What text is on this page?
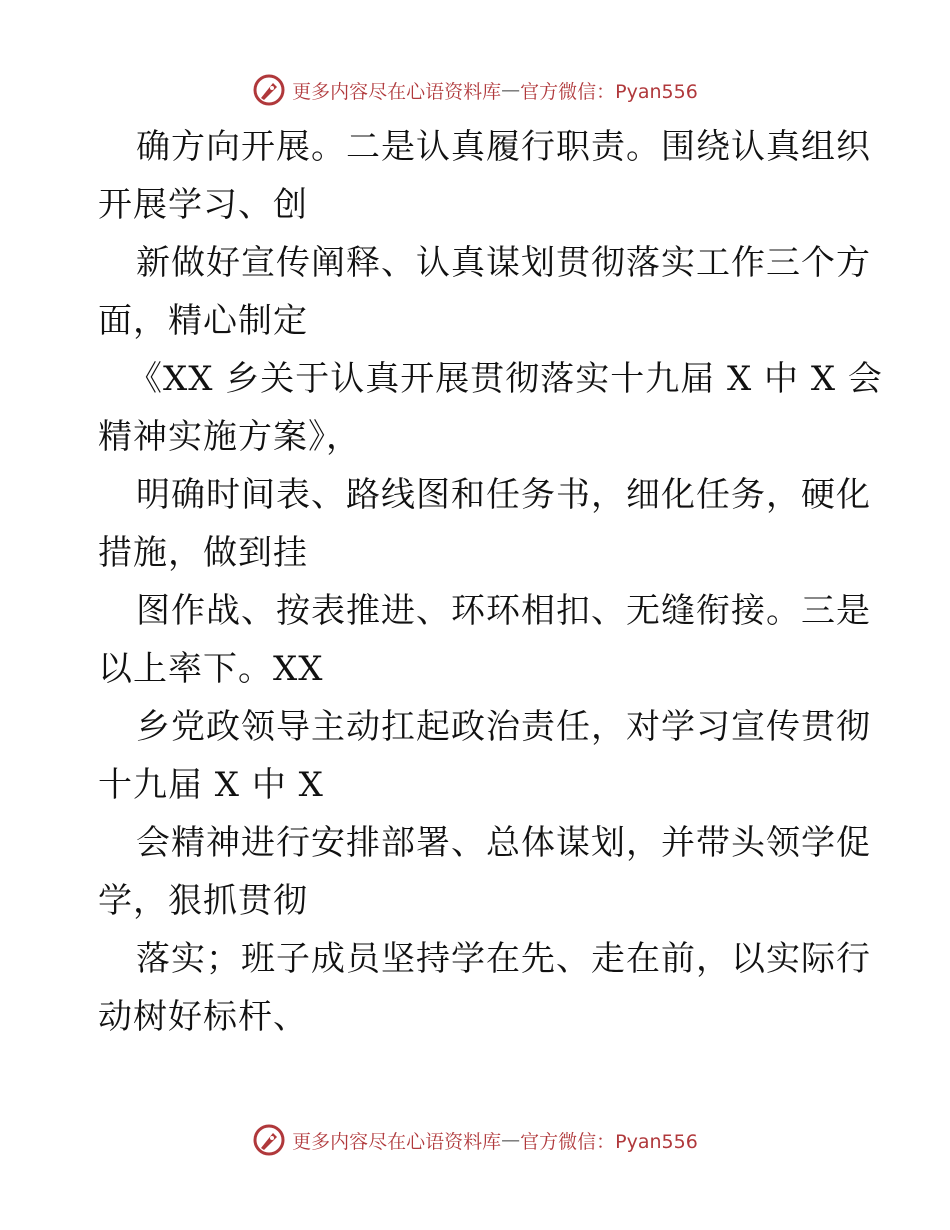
更多内容尽在心语资料库 — 官方微信：Pyan556
确方向开展。二是认真履行职责。围绕认真组织
开展学习、创
新做好宣传阐释、认真谋划贯彻落实工作三个方
面，精心制定
《XX 乡关于认真开展贯彻落实十九届 X 中 X 会
精神实施方案》，
明确时间表、路线图和任务书，细化任务，硬化
措施，做到挂
图作战、按表推进、环环相扣、无缝衔接。三是
以上率下。XX
乡党政领导主动扛起政治责任，对学习宣传贯彻
十九届 X 中 X
会精神进行安排部署、总体谋划，并带头领学促
学，狠抓贯彻
落实；班子成员坚持学在先、走在前，以实际行
动树好标杆、
更多内容尽在心语资料库 — 官方微信：Pyan556
